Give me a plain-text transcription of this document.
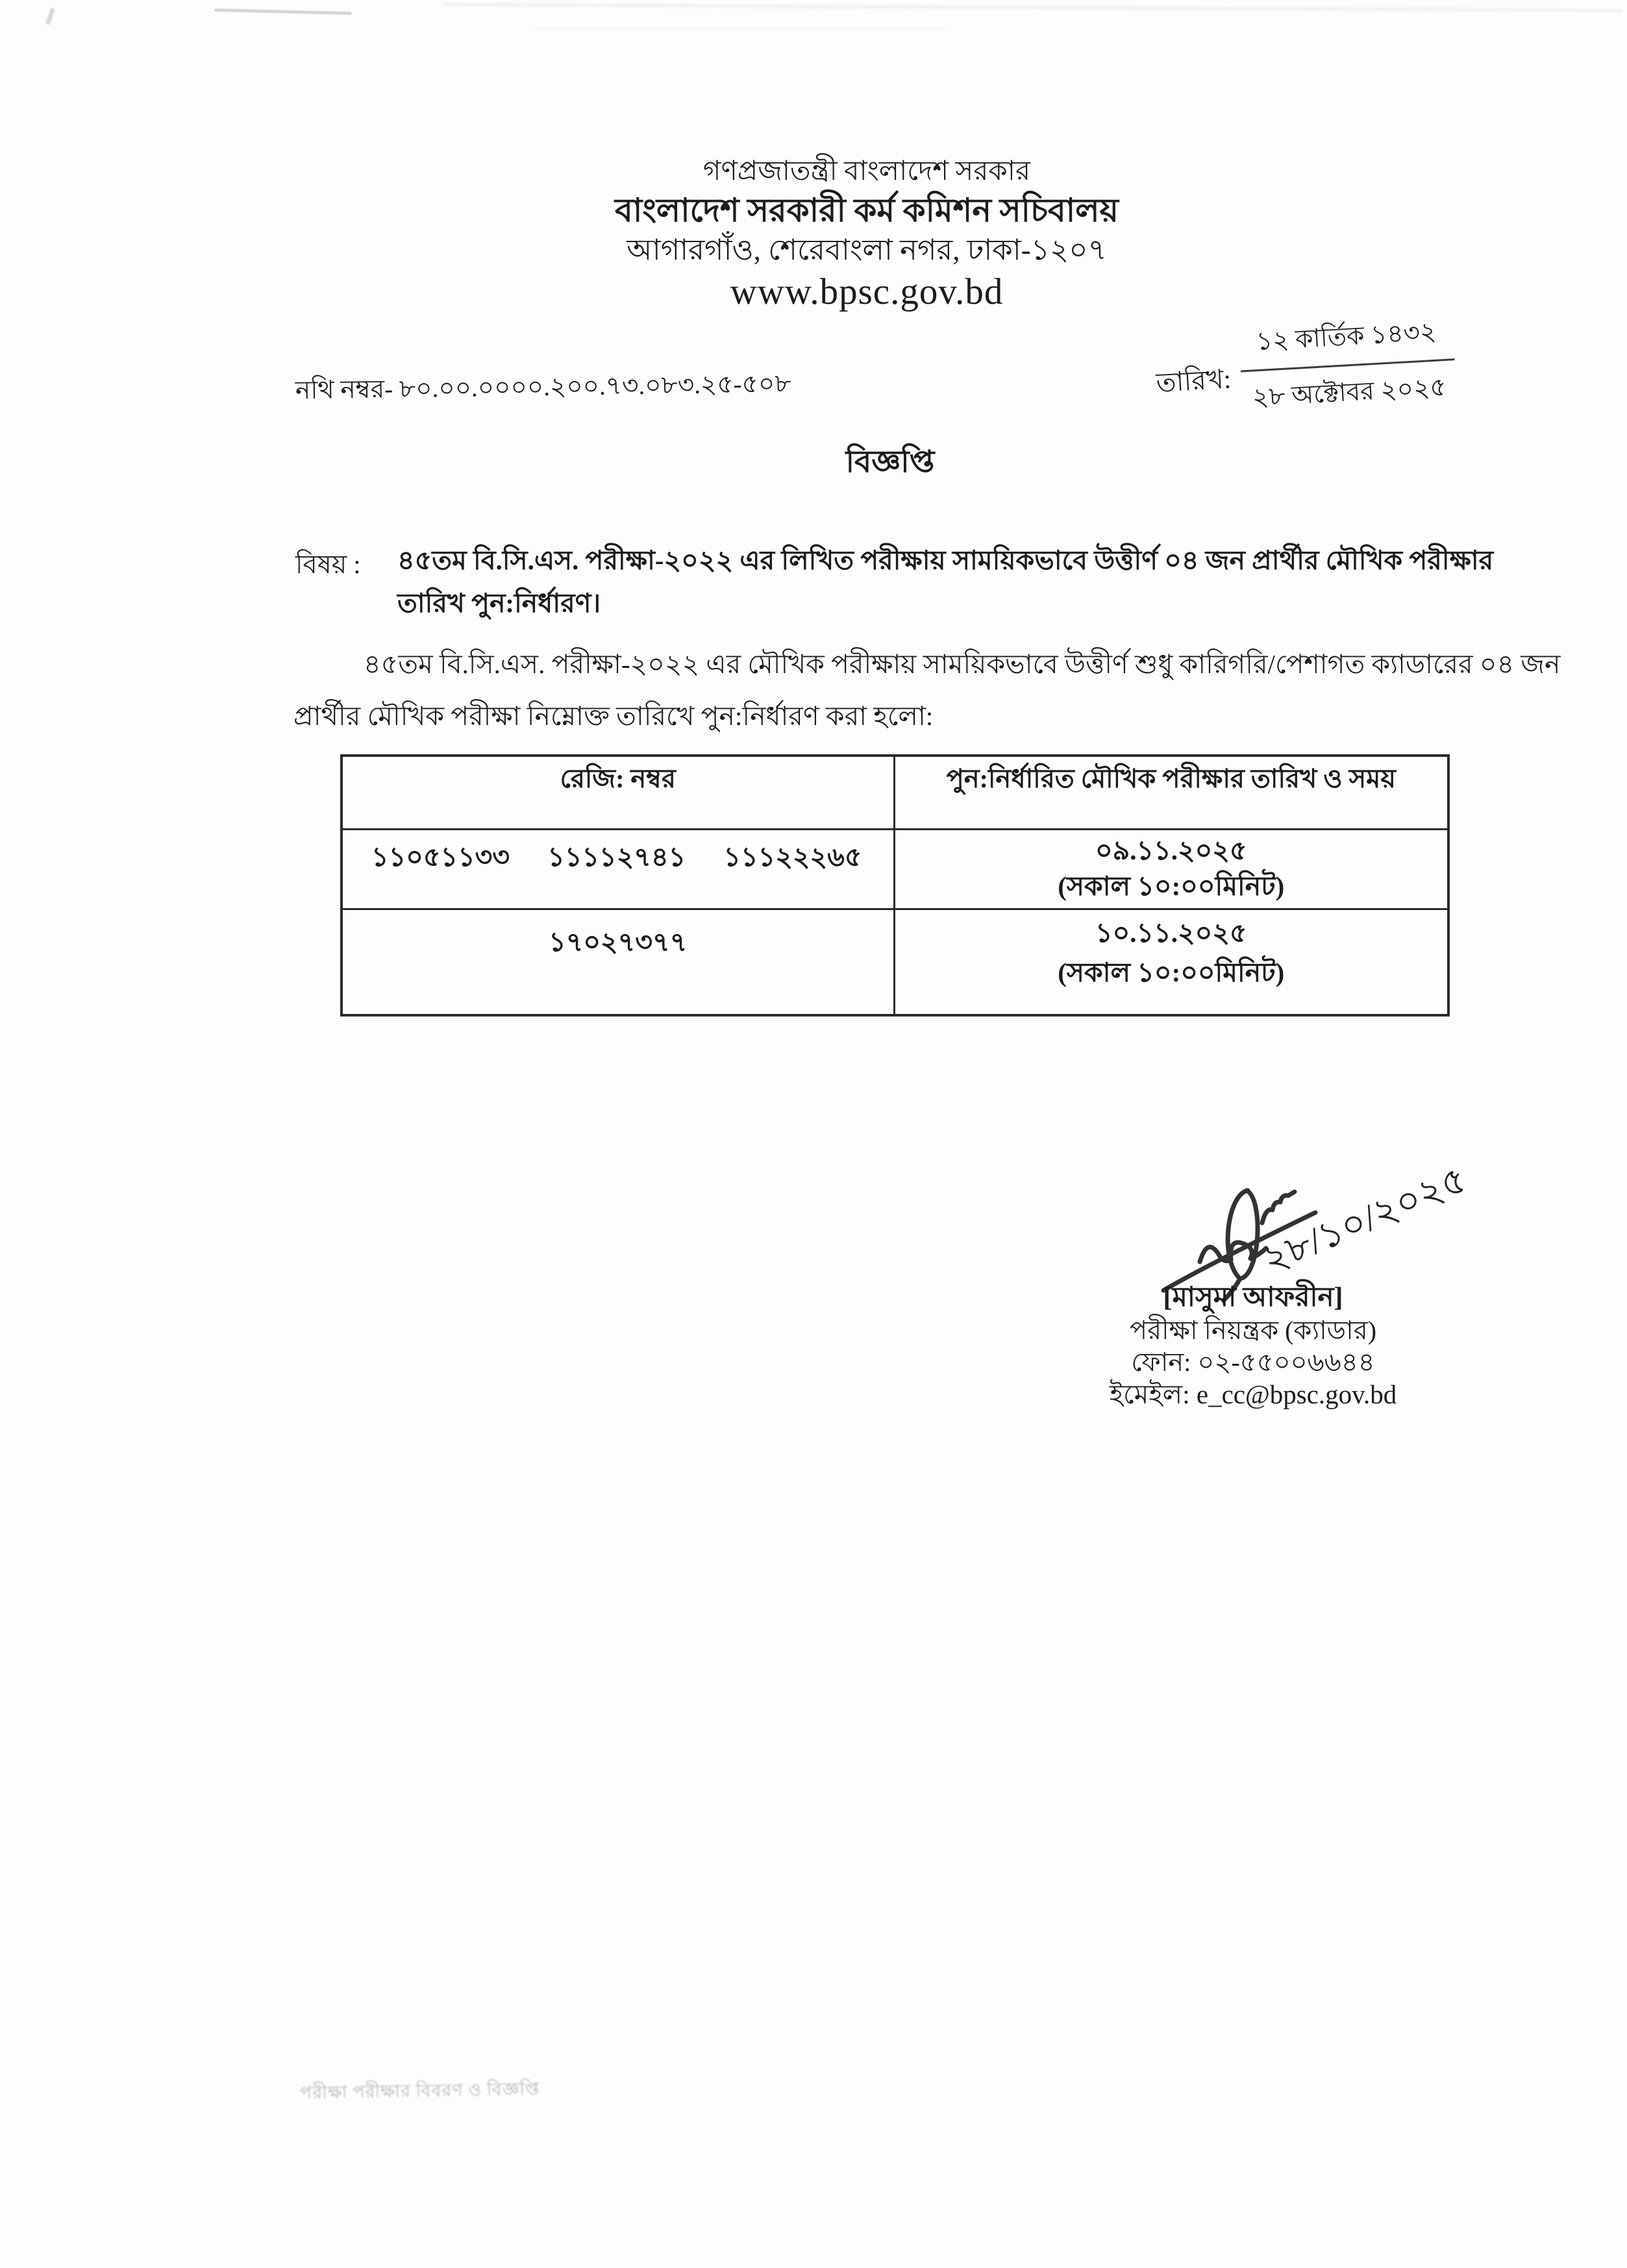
গণপ্রজাতন্ত্রী বাংলাদেশ সরকার
বাংলাদেশ সরকারী কর্ম কমিশন সচিবালয়
আগারগাঁও, শেরেবাংলা নগর, ঢাকা-১২০৭
www.bpsc.gov.bd
নথি নম্বর- ৮০.০০.০০০০.২০০.৭৩.০৮৩.২৫-৫০৮	তারিখ:
১২ কার্তিক ১৪৩২
২৮ অক্টোবর ২০২৫
বিজ্ঞপ্তি
বিষয় : ৪৫তম বি.সি.এস. পরীক্ষা-২০২২ এর লিখিত পরীক্ষায় সাময়িকভাবে উত্তীর্ণ ০৪ জন প্রার্থীর মৌখিক পরীক্ষার
তারিখ পুন:নির্ধারণ।
৪৫তম বি.সি.এস. পরীক্ষা-২০২২ এর মৌখিক পরীক্ষায় সাময়িকভাবে উত্তীর্ণ শুধু কারিগরি/পেশাগত ক্যাডারের ০৪ জন
প্রার্থীর মৌখিক পরীক্ষা নিম্নোক্ত তারিখে পুন:নির্ধারণ করা হলো:
রেজি: নম্বর	পুন:নির্ধারিত মৌখিক পরীক্ষার তারিখ ও সময়

১১০৫১১৩৩ ১১১১২৭৪১ ১১১২২২৬৫	০৯.১১.২০২৫
(সকাল ১০:০০মিনিট)

১৭০২৭৩৭৭	১০.১১.২০২৫
(সকাল ১০:০০মিনিট)
২৮/১০/২০২৫
[মাসুমা আফরীন]
পরীক্ষা নিয়ন্ত্রক (ক্যাডার)
ফোন: ০২-৫৫০০৬৬৪৪
ইমেইল: e_cc@bpsc.gov.bd
পরীক্ষা পরীক্ষার বিবরণ ও বিজ্ঞপ্তি
